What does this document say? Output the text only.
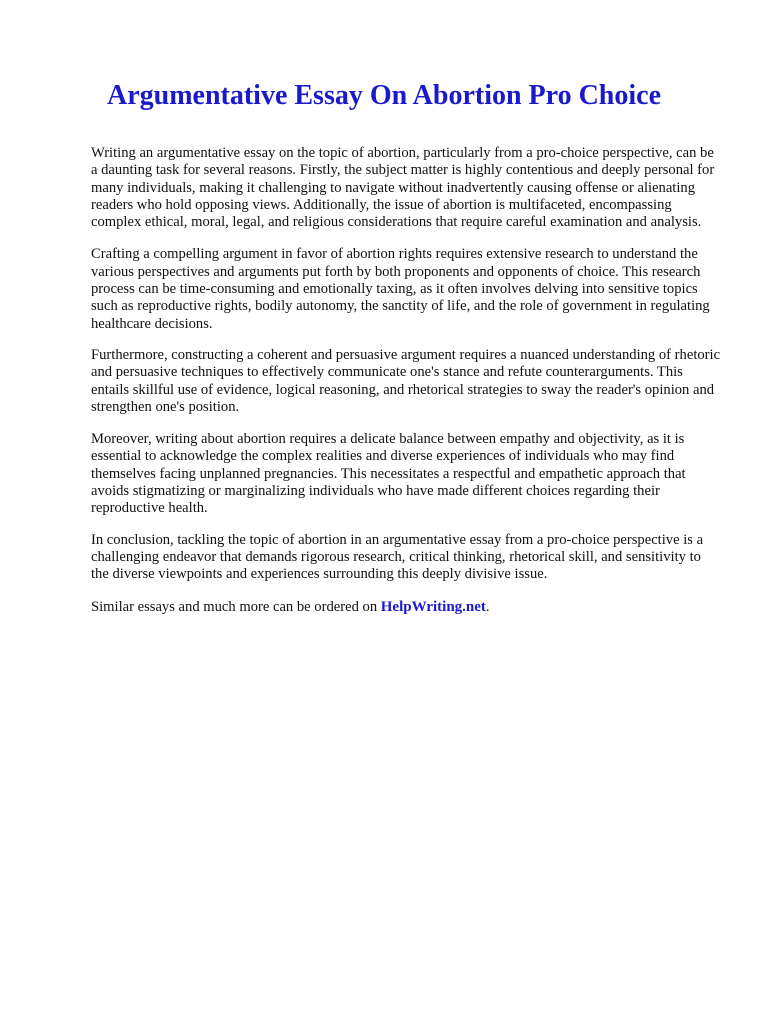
Argumentative Essay On Abortion Pro Choice

Writing an argumentative essay on the topic of abortion, particularly from a pro-choice perspective, can be a daunting task for several reasons. Firstly, the subject matter is highly contentious and deeply personal for many individuals, making it challenging to navigate without inadvertently causing offense or alienating readers who hold opposing views. Additionally, the issue of abortion is multifaceted, encompassing complex ethical, moral, legal, and religious considerations that require careful examination and analysis.

Crafting a compelling argument in favor of abortion rights requires extensive research to understand the various perspectives and arguments put forth by both proponents and opponents of choice. This research process can be time-consuming and emotionally taxing, as it often involves delving into sensitive topics such as reproductive rights, bodily autonomy, the sanctity of life, and the role of government in regulating healthcare decisions.

Furthermore, constructing a coherent and persuasive argument requires a nuanced understanding of rhetoric and persuasive techniques to effectively communicate one's stance and refute counterarguments. This entails skillful use of evidence, logical reasoning, and rhetorical strategies to sway the reader's opinion and strengthen one's position.

Moreover, writing about abortion requires a delicate balance between empathy and objectivity, as it is essential to acknowledge the complex realities and diverse experiences of individuals who may find themselves facing unplanned pregnancies. This necessitates a respectful and empathetic approach that avoids stigmatizing or marginalizing individuals who have made different choices regarding their reproductive health.

In conclusion, tackling the topic of abortion in an argumentative essay from a pro-choice perspective is a challenging endeavor that demands rigorous research, critical thinking, rhetorical skill, and sensitivity to the diverse viewpoints and experiences surrounding this deeply divisive issue.

Similar essays and much more can be ordered on HelpWriting.net.
